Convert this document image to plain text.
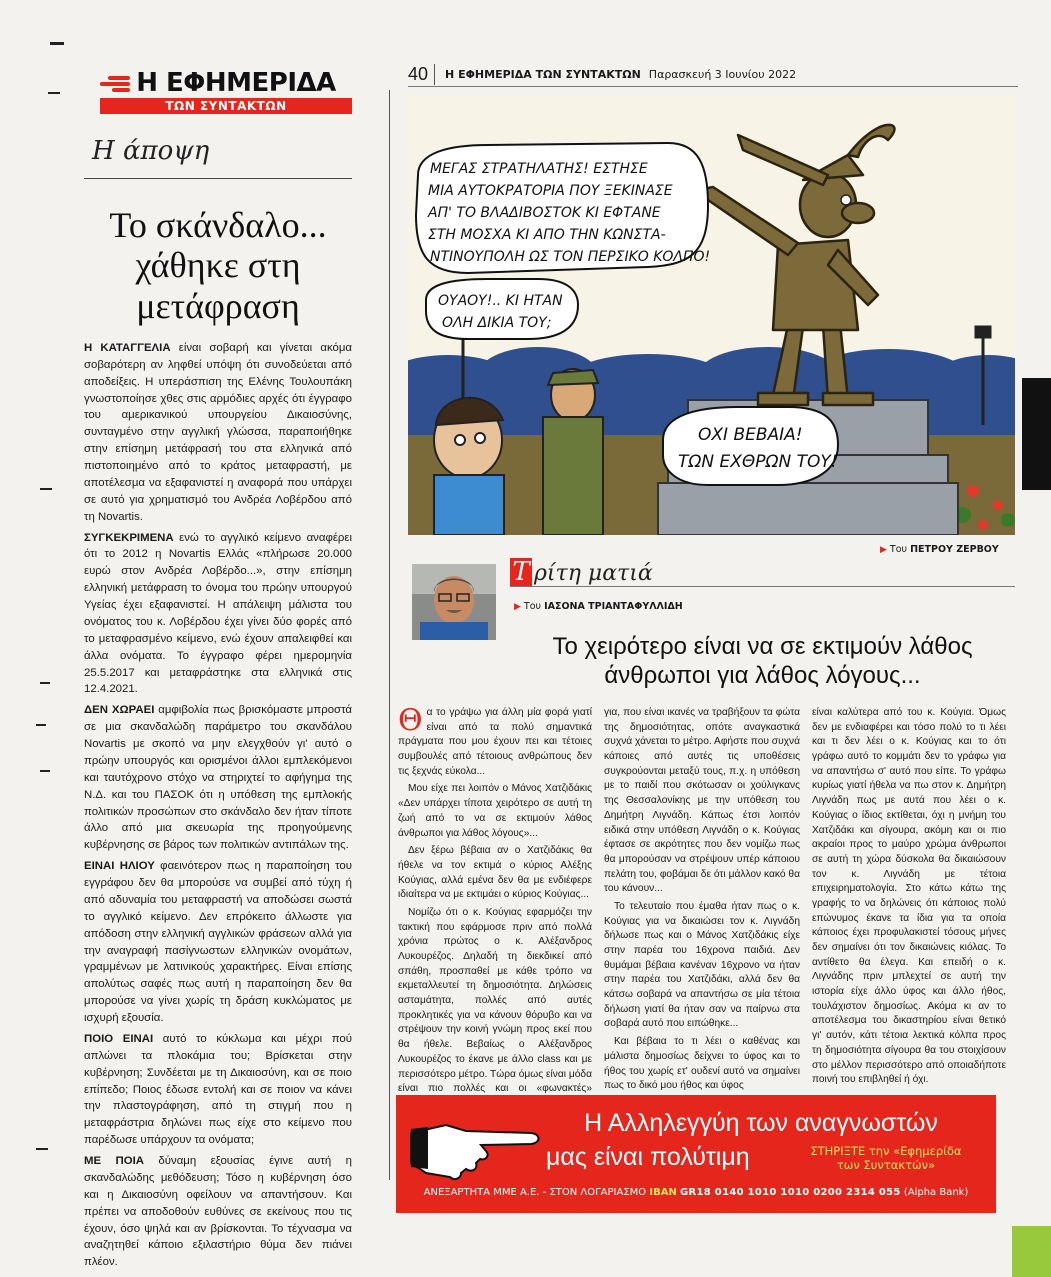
Η ΕΦΗΜΕΡΙΔΑ
ΤΩΝ ΣΥΝΤΑΚΤΩΝ
Η άποψη
Το σκάνδαλο...
χάθηκε στη
μετάφραση

Η ΚΑΤΑΓΓΕΛΙΑ είναι σοβαρή και γίνεται ακόμα σοβαρότερη αν ληφθεί υπόψη ότι συνοδεύεται από αποδείξεις. Η υπεράσπιση της Ελένης Τουλουπάκη γνωστοποίησε χθες στις αρμόδιες αρχές ότι έγγραφο του αμερικανικού υπουργείου Δικαιοσύνης, συνταγμένο στην αγγλική γλώσσα, παραποιήθηκε στην επίσημη μετάφρασή του στα ελληνικά από πιστοποιημένο από το κράτος μεταφραστή, με αποτέλεσμα να εξαφανιστεί η αναφορά που υπάρχει σε αυτό για χρηματισμό του Ανδρέα Λοβέρδου από τη Novartis.

ΣΥΓΚΕΚΡΙΜΕΝΑ ενώ το αγγλικό κείμενο αναφέρει ότι το 2012 η Novartis Ελλάς «πλήρωσε 20.000 ευρώ στον Ανδρέα Λοβέρδο...», στην επίσημη ελληνική μετάφραση το όνομα του πρώην υπουργού Υγείας έχει εξαφανιστεί. Η απάλειψη μάλιστα του ονόματος του κ. Λοβέρδου έχει γίνει δύο φορές από το μεταφρασμένο κείμενο, ενώ έχουν απαλειφθεί και άλλα ονόματα. Το έγγραφο φέρει ημερομηνία 25.5.2017 και μεταφράστηκε στα ελληνικά στις 12.4.2021.

ΔΕΝ ΧΩΡΑΕΙ αμφιβολία πως βρισκόμαστε μπροστά σε μια σκανδαλώδη παράμετρο του σκανδάλου Novartis με σκοπό να μην ελεγχθούν γι' αυτό ο πρώην υπουργός και ορισμένοι άλλοι εμπλεκόμενοι και ταυτόχρονο στόχο να στηριχτεί το αφήγημα της Ν.Δ. και του ΠΑΣΟΚ ότι η υπόθεση της εμπλοκής πολιτικών προσώπων στο σκάνδαλο δεν ήταν τίποτε άλλο από μια σκευωρία της προηγούμενης κυβέρνησης σε βάρος των πολιτικών αντιπάλων της.

ΕΙΝΑΙ ΗΛΙΟΥ φαεινότερον πως η παραποίηση του εγγράφου δεν θα μπορούσε να συμβεί από τύχη ή από αδυναμία του μεταφραστή να αποδώσει σωστά το αγγλικό κείμενο. Δεν επρόκειτο άλλωστε για απόδοση στην ελληνική αγγλικών φράσεων αλλά για την αναγραφή πασίγνωστων ελληνικών ονομάτων, γραμμένων με λατινικούς χαρακτήρες. Είναι επίσης απολύτως σαφές πως αυτή η παραποίηση δεν θα μπορούσε να γίνει χωρίς τη δράση κυκλώματος με ισχυρή εξουσία.

ΠΟΙΟ ΕΙΝΑΙ αυτό το κύκλωμα και μέχρι πού απλώνει τα πλοκάμια του; Βρίσκεται στην κυβέρνηση; Συνδέεται με τη Δικαιοσύνη, και σε ποιο επίπεδο; Ποιος έδωσε εντολή και σε ποιον να κάνει την πλαστογράφηση, από τη στιγμή που η μεταφράστρια δηλώνει πως είχε στο κείμενο που παρέδωσε υπάρχουν τα ονόματα;

ΜΕ ΠΟΙΑ δύναμη εξουσίας έγινε αυτή η σκανδαλώδης μεθόδευση; Τόσο η κυβέρνηση όσο και η Δικαιοσύνη οφείλουν να απαντήσουν. Και πρέπει να αποδοθούν ευθύνες σε εκείνους που τις έχουν, όσο ψηλά και αν βρίσκονται. Το τέχνασμα να αναζητηθεί κάποιο εξιλαστήριο θύμα δεν πιάνει πλέον.

40	Η ΕΦΗΜΕΡΙΔΑ ΤΩΝ ΣΥΝΤΑΚΤΩΝ Παρασκευή 3 Ιουνίου 2022
ΜΕΓΑΣ ΣΤΡΑΤΗΛΑΤΗΣ! ΕΣΤΗΣΕ ΜΙΑ ΑΥΤΟΚΡΑΤΟΡΙΑ ΠΟΥ ΞΕΚΙΝΑΣΕ ΑΠ' ΤΟ ΒΛΑΔΙΒΟΣΤΟΚ ΚΙ ΕΦΤΑΝΕ ΣΤΗ ΜΟΣΧΑ ΚΙ ΑΠΟ ΤΗΝ ΚΩΝΣΤΑ- ΝΤΙΝΟΥΠΟΛΗ ΩΣ ΤΟΝ ΠΕΡΣΙΚΟ ΚΟΛΠΟ! ΟΥΑΟΥ!.. ΚΙ ΗΤΑΝ ΟΛΗ ΔΙΚΙΑ ΤΟΥ;
ΟΧΙ ΒΕΒΑΙΑ! ΤΩΝ ΕΧΘΡΩΝ ΤΟΥ!
▶ Του ΠΕΤΡΟΥ ΖΕΡΒΟΥ
Τ ρίτη ματιά
▶ Του ΙΑΣΟΝΑ ΤΡΙΑΝΤΑΦΥΛΛΙΔΗ
Το χειρότερο είναι να σε εκτιμούν λάθος
άνθρωποι για λάθος λόγους...

Θα το γράψω για άλλη μία φορά γιατί είναι από τα πολύ σημαντικά πράγματα που μου έχουν πει και τέτοιες συμβουλές από τέτοιους ανθρώπους δεν τις ξεχνάς εύκολα...

Μου είχε πει λοιπόν ο Μάνος Χατζιδάκις «Δεν υπάρχει τίποτα χειρότερο σε αυτή τη ζωή από το να σε εκτιμούν λάθος άνθρωποι για λάθος λόγους»...

Δεν ξέρω βέβαια αν ο Χατζιδάκις θα ήθελε να τον εκτιμά ο κύριος Αλέξης Κούγιας, αλλά εμένα δεν θα με ενδιέφερε ιδιαίτερα να με εκτιμάει ο κύριος Κούγιας...

Νομίζω ότι ο κ. Κούγιας εφαρμόζει την τακτική που εφάρμοσε πριν από πολλά χρόνια πρώτος ο κ. Αλέξανδρος Λυκουρέζος. Δηλαδή τη διεκδικεί από σπάθη, προσπαθεί με κάθε τρόπο να εκμεταλλευτεί τη δημοσιότητα. Δηλώσεις ασταμάτητα, πολλές από αυτές προκλητικές για να κάνουν θόρυβο και να στρέψουν την κοινή γνώμη προς εκεί που θα ήθελε. Βεβαίως ο Αλέξανδρος Λυκουρέζος το έκανε με άλλο class και με περισσότερο μέτρο. Τώρα όμως είναι μόδα είναι πιο πολλές και οι «φωνακτές»

για, που είναι ικανές να τραβήξουν τα φώτα της δημοσιότητας, οπότε αναγκαστικά συχνά χάνεται το μέτρο. Αφήστε που συχνά κάποιες από αυτές τις υποθέσεις συγκρούονται μεταξύ τους, π.χ. η υπόθεση με το παιδί που σκότωσαν οι χούλιγκανς της Θεσσαλονίκης με την υπόθεση του Δημήτρη Λιγνάδη. Κάπως έτσι λοιπόν ειδικά στην υπόθεση Λιγνάδη ο κ. Κούγιας έφτασε σε ακρότητες που δεν νομίζω πως θα μπορούσαν να στρέψουν υπέρ κάποιου πελάτη του, φοβάμαι δε ότι μάλλον κακό θα του κάνουν...

Το τελευταίο που έμαθα ήταν πως ο κ. Κούγιας για να δικαιώσει τον κ. Λιγνάδη δήλωσε πως και ο Μάνος Χατζιδάκις είχε στην παρέα του 16χρονα παιδιά. Δεν θυμάμαι βέβαια κανέναν 16χρονο να ήταν στην παρέα του Χατζιδάκι, αλλά δεν θα κάτσω σοβαρά να απαντήσω σε μία τέτοια δήλωση γιατί θα ήταν σαν να παίρνω στα σοβαρά αυτό που ειπώθηκε...

Και βέβαια το τι λέει ο καθένας και μάλιστα δημοσίως δείχνει το ύφος και το ήθος του χωρίς ετ' ουδενί αυτό να σημαίνει πως το δικό μου ήθος και ύφος

είναι καλύτερα από του κ. Κούγια. Όμως δεν με ενδιαφέρει και τόσο πολύ το τι λέει και τι δεν λέει ο κ. Κούγιας και το ότι γράφω αυτό το κομμάτι δεν το γράφω για να απαντήσω σ' αυτό που είπε. Το γράφω κυρίως γιατί ήθελα να πω στον κ. Δημήτρη Λιγνάδη πως με αυτά που λέει ο κ. Κούγιας ο ίδιος εκτίθεται, όχι η μνήμη του Χατζιδάκι και σίγουρα, ακόμη και οι πιο ακραίοι προς το μαύρο χρώμα άνθρωποι σε αυτή τη χώρα δύσκολα θα δικαιώσουν τον κ. Λιγνάδη με τέτοια επιχειρηματολογία. Στο κάτω κάτω της γραφής το να δηλώνεις ότι κάποιος πολύ επώνυμος έκανε τα ίδια για τα οποία κάποιος έχει προφυλακιστεί τόσους μήνες δεν σημαίνει ότι τον δικαιώνεις κιόλας. Το αντίθετο θα έλεγα. Και επειδή ο κ. Λιγνάδης πριν μπλεχτεί σε αυτή την ιστορία είχε άλλο ύφος και άλλο ήθος, τουλάχιστον δημοσίως. Ακόμα κι αν το αποτέλεσμα του δικαστηρίου είναι θετικό γι' αυτόν, κάτι τέτοια λεκτικά κόλπα προς τη δημοσιότητα σίγουρα θα του στοιχίσουν στο μέλλον περισσότερο από οποιαδήποτε ποινή του επιβληθεί ή όχι.

Η Αλληλεγγύη των αναγνωστών
μας είναι πολύτιμη	ΣΤΗΡΙΞΤΕ την «Εφημερίδα
των Συντακτών»
ΑΝΕΞΑΡΤΗΤΑ ΜΜΕ Α.Ε. - ΣΤΟΝ ΛΟΓΑΡΙΑΣΜΟ IBAN GR18 0140 1010 1010 0200 2314 055 (Alpha Bank)
